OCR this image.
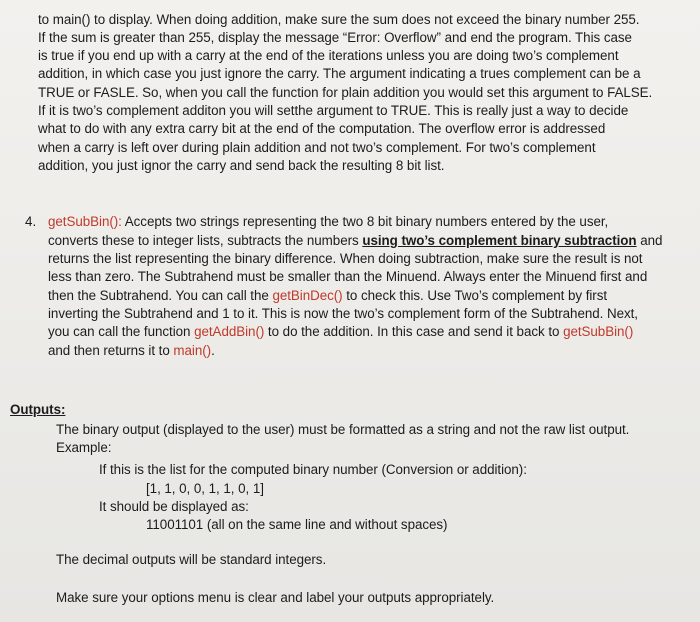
to main() to display. When doing addition, make sure the sum does not exceed the binary number 255.
If the sum is greater than 255, display the message “Error: Overflow” and end the program. This case
is true if you end up with a carry at the end of the iterations unless you are doing two’s complement
addition, in which case you just ignore the carry. The argument indicating a trues complement can be a
TRUE or FASLE. So, when you call the function for plain addition you would set this argument to FALSE.
If it is two’s complement additon you will setthe argument to TRUE. This is really just a way to decide
what to do with any extra carry bit at the end of the computation. The overflow error is addressed
when a carry is left over during plain addition and not two’s complement. For two’s complement
addition, you just ignor the carry and send back the resulting 8 bit list.
4. getSubBin(): Accepts two strings representing the two 8 bit binary numbers entered by the user,
converts these to integer lists, subtracts the numbers using two’s complement binary subtraction and
returns the list representing the binary difference. When doing subtraction, make sure the result is not
less than zero. The Subtrahend must be smaller than the Minuend. Always enter the Minuend first and
then the Subtrahend. You can call the getBinDec() to check this. Use Two’s complement by first
inverting the Subtrahend and 1 to it. This is now the two’s complement form of the Subtrahend. Next,
you can call the function getAddBin() to do the addition. In this case and send it back to getSubBin()
and then returns it to main().
Outputs:
The binary output (displayed to the user) must be formatted as a string and not the raw list output.
Example:
If this is the list for the computed binary number (Conversion or addition):
[1, 1, 0, 0, 1, 1, 0, 1]
It should be displayed as:
11001101 (all on the same line and without spaces)
The decimal outputs will be standard integers.
Make sure your options menu is clear and label your outputs appropriately.
